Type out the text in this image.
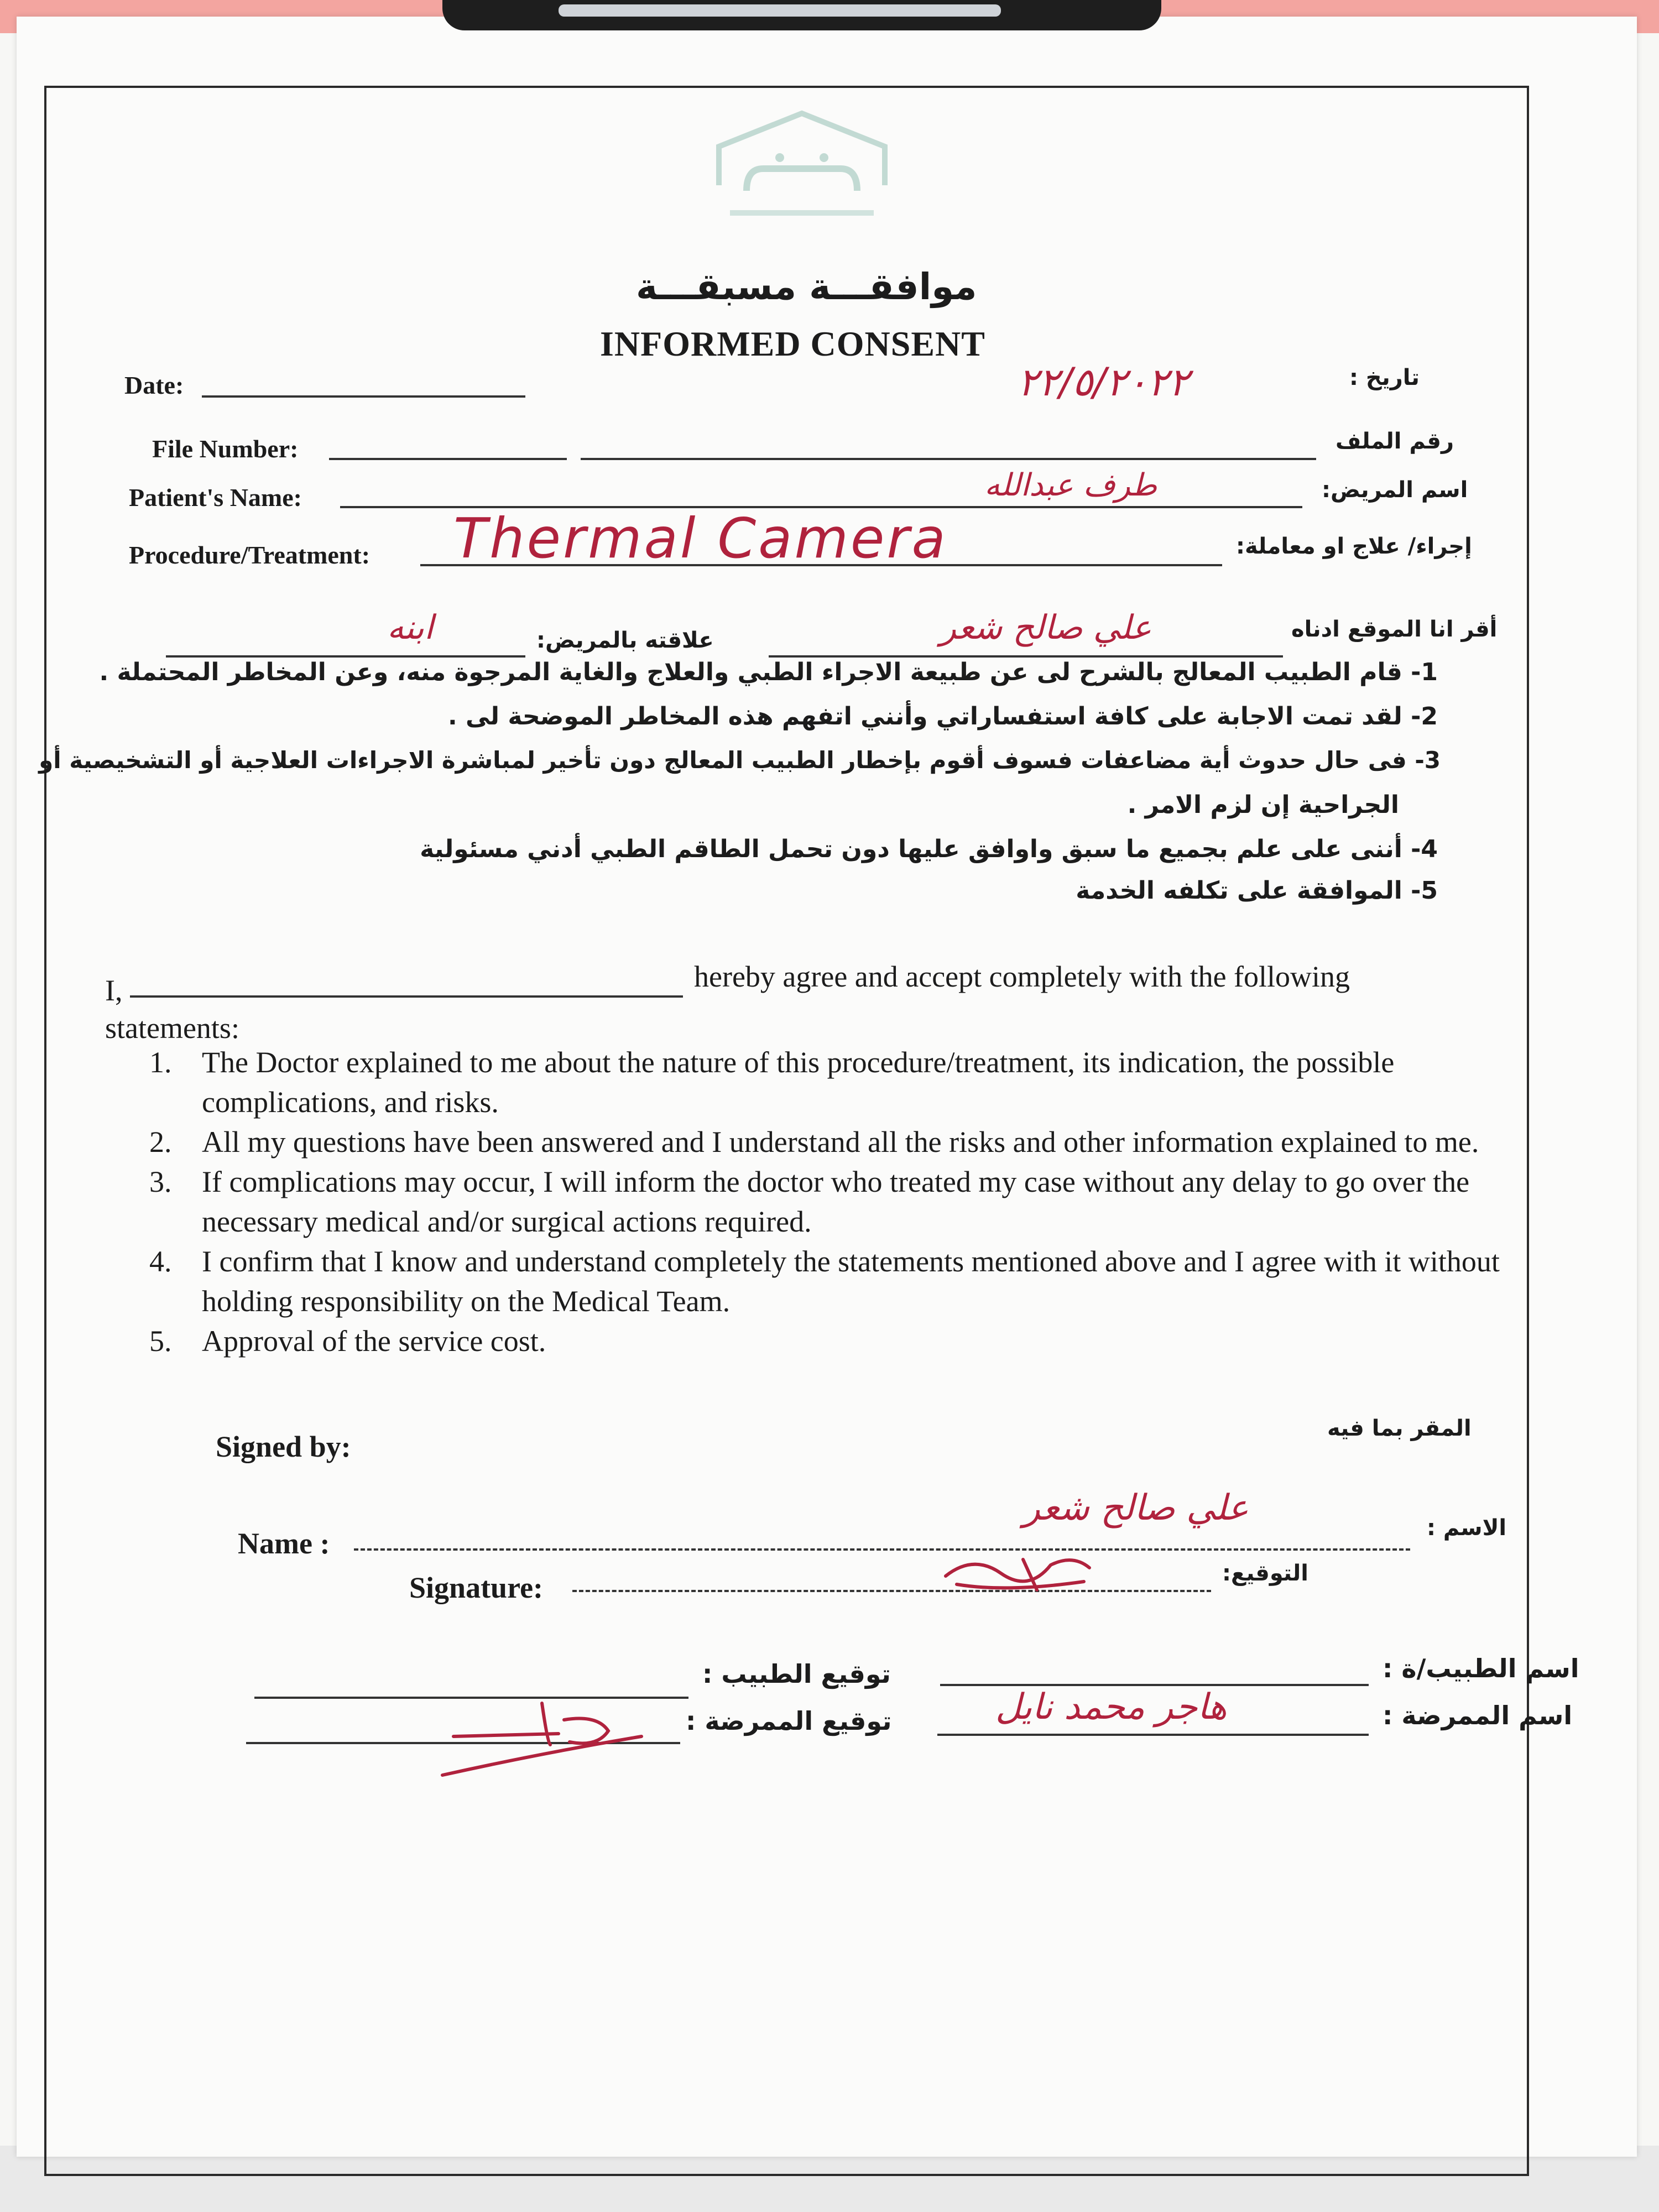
موافقـــة مسبقـــة
INFORMED CONSENT
Date:	٢٢/٥/٢٠٢٢	تاريخ :
File Number:	رقم الملف
Patient's Name:	طرف عبدالله	اسم المريض:
Procedure/Treatment: Thermal Camera	إجراء/ علاج او معاملة:
ابنه	علاقته بالمريض:	علي صالح شعر	أقر انا الموقع ادناه
1- قام الطبيب المعالج بالشرح لى عن طبيعة الاجراء الطبي والعلاج والغاية المرجوة منه، وعن المخاطر المحتملة .
2- لقد تمت الاجابة على كافة استفساراتي وأنني اتفهم هذه المخاطر الموضحة لى .
3- فى حال حدوث أية مضاعفات فسوف أقوم بإخطار الطبيب المعالج دون تأخير لمباشرة الاجراءات العلاجية أو التشخيصية أو
الجراحية إن لزم الامر .
4- أننى على علم بجميع ما سبق واوافق عليها دون تحمل الطاقم الطبي أدني مسئولية
5- الموافقة على تكلفه الخدمة
I,	hereby agree and accept completely with the following
statements:
1. The Doctor explained to me about the nature of this procedure/treatment, its indication, the possible complications, and risks.
2. All my questions have been answered and I understand all the risks and other information explained to me.
3. If complications may occur, I will inform the doctor who treated my case without any delay to go over the necessary medical and/or surgical actions required.
4. I confirm that I know and understand completely the statements mentioned above and I agree with it without holding responsibility on the Medical Team.
5. Approval of the service cost.
Signed by:
المقر بما فيه
Name :
علي صالح شعر	الاسم :
Signature:	التوقيع:
توقيع الطبيب :	اسم الطبيب/ة :
توقيع الممرضة :	هاجر محمد نايل	اسم الممرضة :
